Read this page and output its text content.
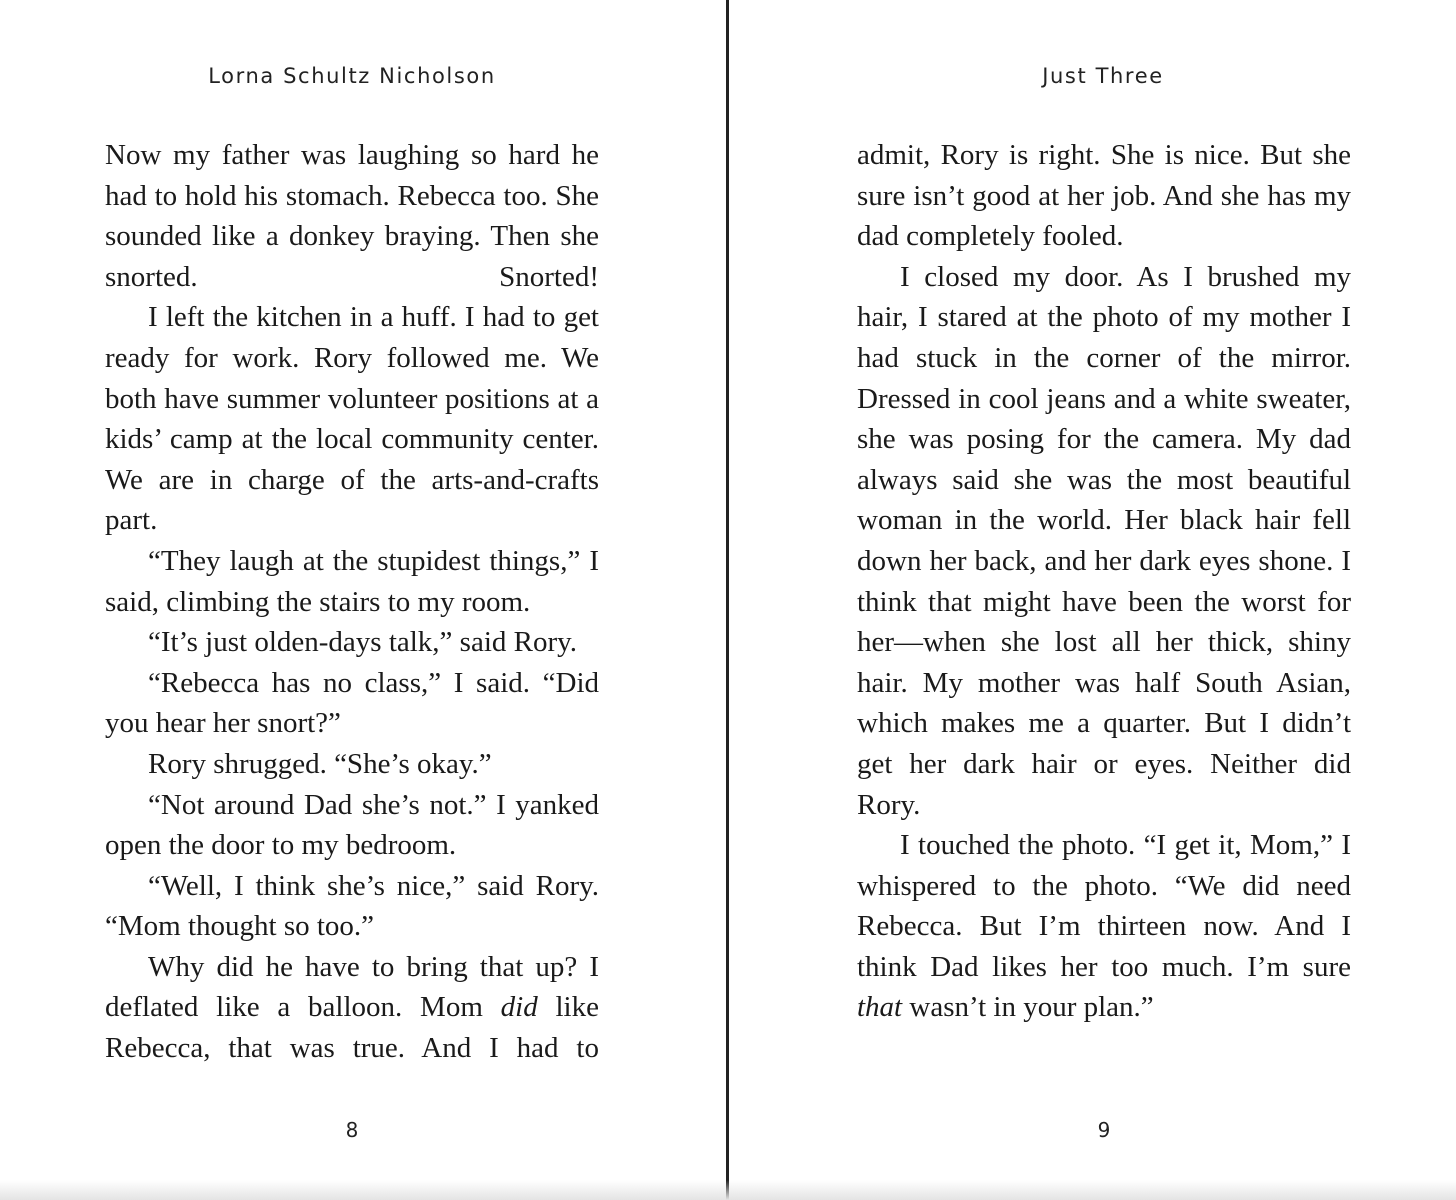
Lorna Schultz Nicholson

Now my father was laughing so hard he had to hold his stomach. Rebecca too. She sounded like a donkey braying. Then she snorted. Snorted!

I left the kitchen in a huff. I had to get ready for work. Rory followed me. We both have summer volunteer positions at a kids’ camp at the local community center. We are in charge of the arts-and-crafts part.

“They laugh at the stupidest things,” I said, climbing the stairs to my room.

“It’s just olden-days talk,” said Rory.

“Rebecca has no class,” I said. “Did you hear her snort?”

Rory shrugged. “She’s okay.”

“Not around Dad she’s not.” I yanked open the door to my bedroom.

“Well, I think she’s nice,” said Rory. “Mom thought so too.”

Why did he have to bring that up? I deflated like a balloon. Mom did like Rebecca, that was true. And I had to

8
Just Three

admit, Rory is right. She is nice. But she sure isn’t good at her job. And she has my dad completely fooled.

I closed my door. As I brushed my hair, I stared at the photo of my mother I had stuck in the corner of the mirror. Dressed in cool jeans and a white sweater, she was posing for the camera. My dad always said she was the most beautiful woman in the world. Her black hair fell down her back, and her dark eyes shone. I think that might have been the worst for her—when she lost all her thick, shiny hair. My mother was half South Asian, which makes me a quarter. But I didn’t get her dark hair or eyes. Neither did Rory.

I touched the photo. “I get it, Mom,” I whispered to the photo. “We did need Rebecca. But I’m thirteen now. And I think Dad likes her too much. I’m sure that wasn’t in your plan.”

9
